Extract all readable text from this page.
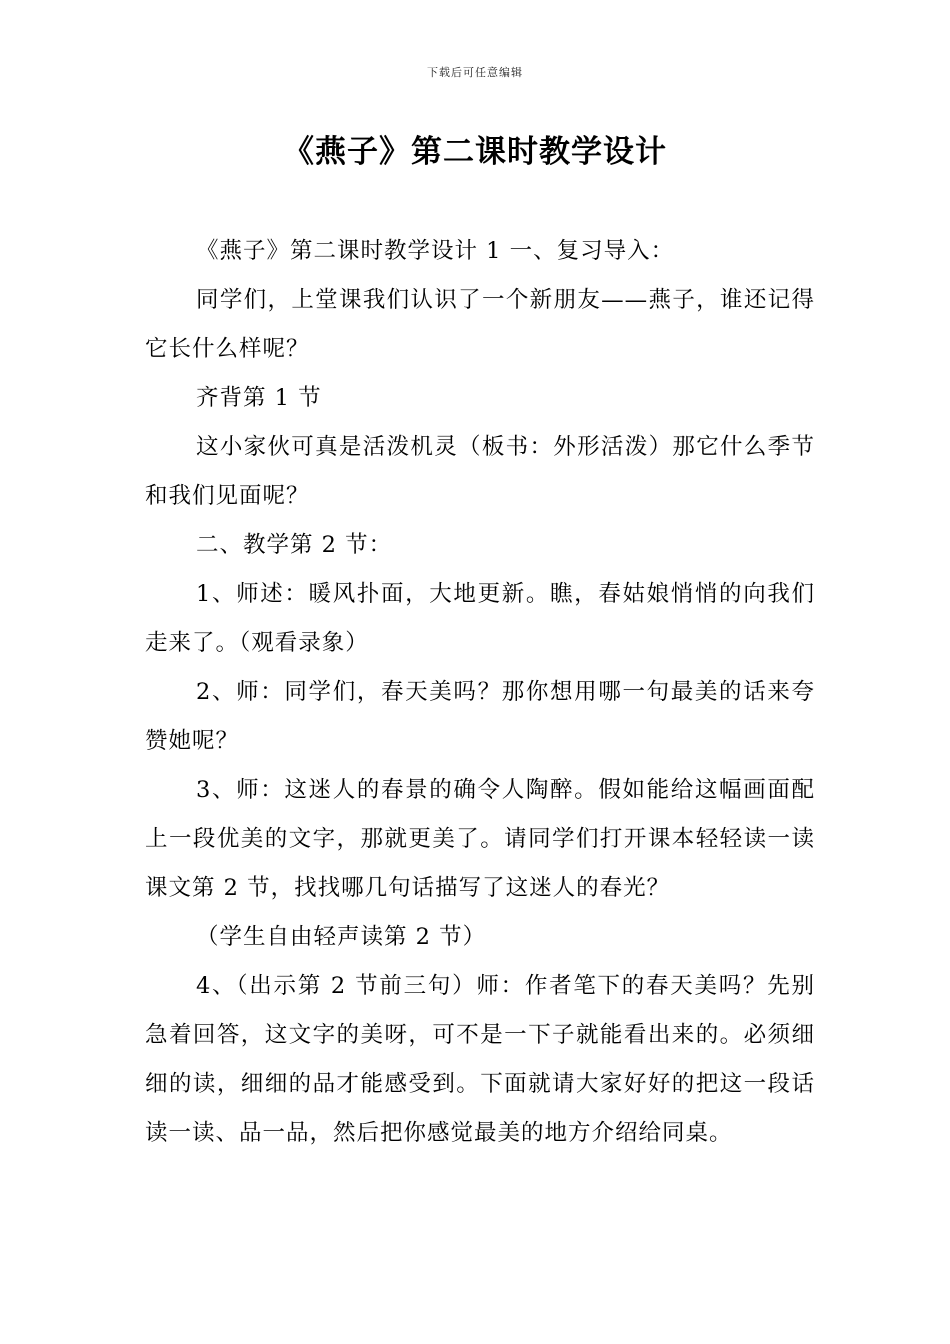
下载后可任意编辑
《燕子》第二课时教学设计

《燕子》第二课时教学设计 1 一、复习导入：

同学们，上堂课我们认识了一个新朋友——燕子，谁还记得它长什么样呢？

齐背第 1 节

这小家伙可真是活泼机灵（板书：外形活泼）那它什么季节和我们见面呢？

二、教学第 2 节：

1、师述：暖风扑面，大地更新。瞧，春姑娘悄悄的向我们走来了。（观看录象）

2、师：同学们，春天美吗？那你想用哪一句最美的话来夸赞她呢？

3、师：这迷人的春景的确令人陶醉。假如能给这幅画面配上一段优美的文字，那就更美了。请同学们打开课本轻轻读一读课文第 2 节，找找哪几句话描写了这迷人的春光？

（学生自由轻声读第 2 节）

4、（出示第 2 节前三句）师：作者笔下的春天美吗？先别急着回答，这文字的美呀，可不是一下子就能看出来的。必须细细的读，细细的品才能感受到。下面就请大家好好的把这一段话读一读、品一品，然后把你感觉最美的地方介绍给同桌。
